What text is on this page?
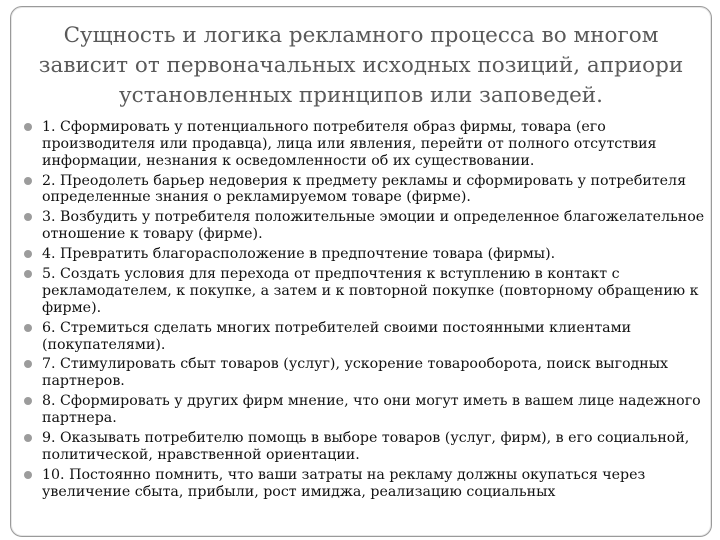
Сущность и логика рекламного процесса во многом
зависит от первоначальных исходных позиций, априори
установленных принципов или заповедей.
1. Сформировать у потенциального потребителя образ фирмы, товара (его производителя или продавца), лица или явления, перейти от полного отсутствия информации, незнания к осведомленности об их существовании.
2. Преодолеть барьер недоверия к предмету рекламы и сформировать у потребителя определенные знания о рекламируемом товаре (фирме).
3. Возбудить у потребителя положительные эмоции и определенное благожелательное отношение к товару (фирме).
4. Превратить благорасположение в предпочтение товара (фирмы).
5. Создать условия для перехода от предпочтения к вступлению в контакт с рекламодателем, к покупке, а затем и к повторной покупке (повторному обращению к фирме).
6. Стремиться сделать многих потребителей своими постоянными клиентами (покупателями).
7. Стимулировать сбыт товаров (услуг), ускорение товарооборота, поиск выгодных партнеров.
8. Сформировать у других фирм мнение, что они могут иметь в вашем лице надежного партнера.
9. Оказывать потребителю помощь в выборе товаров (услуг, фирм), в его социальной, политической, нравственной ориентации.
10. Постоянно помнить, что ваши затраты на рекламу должны окупаться через увеличение сбыта, прибыли, рост имиджа, реализацию социальных
